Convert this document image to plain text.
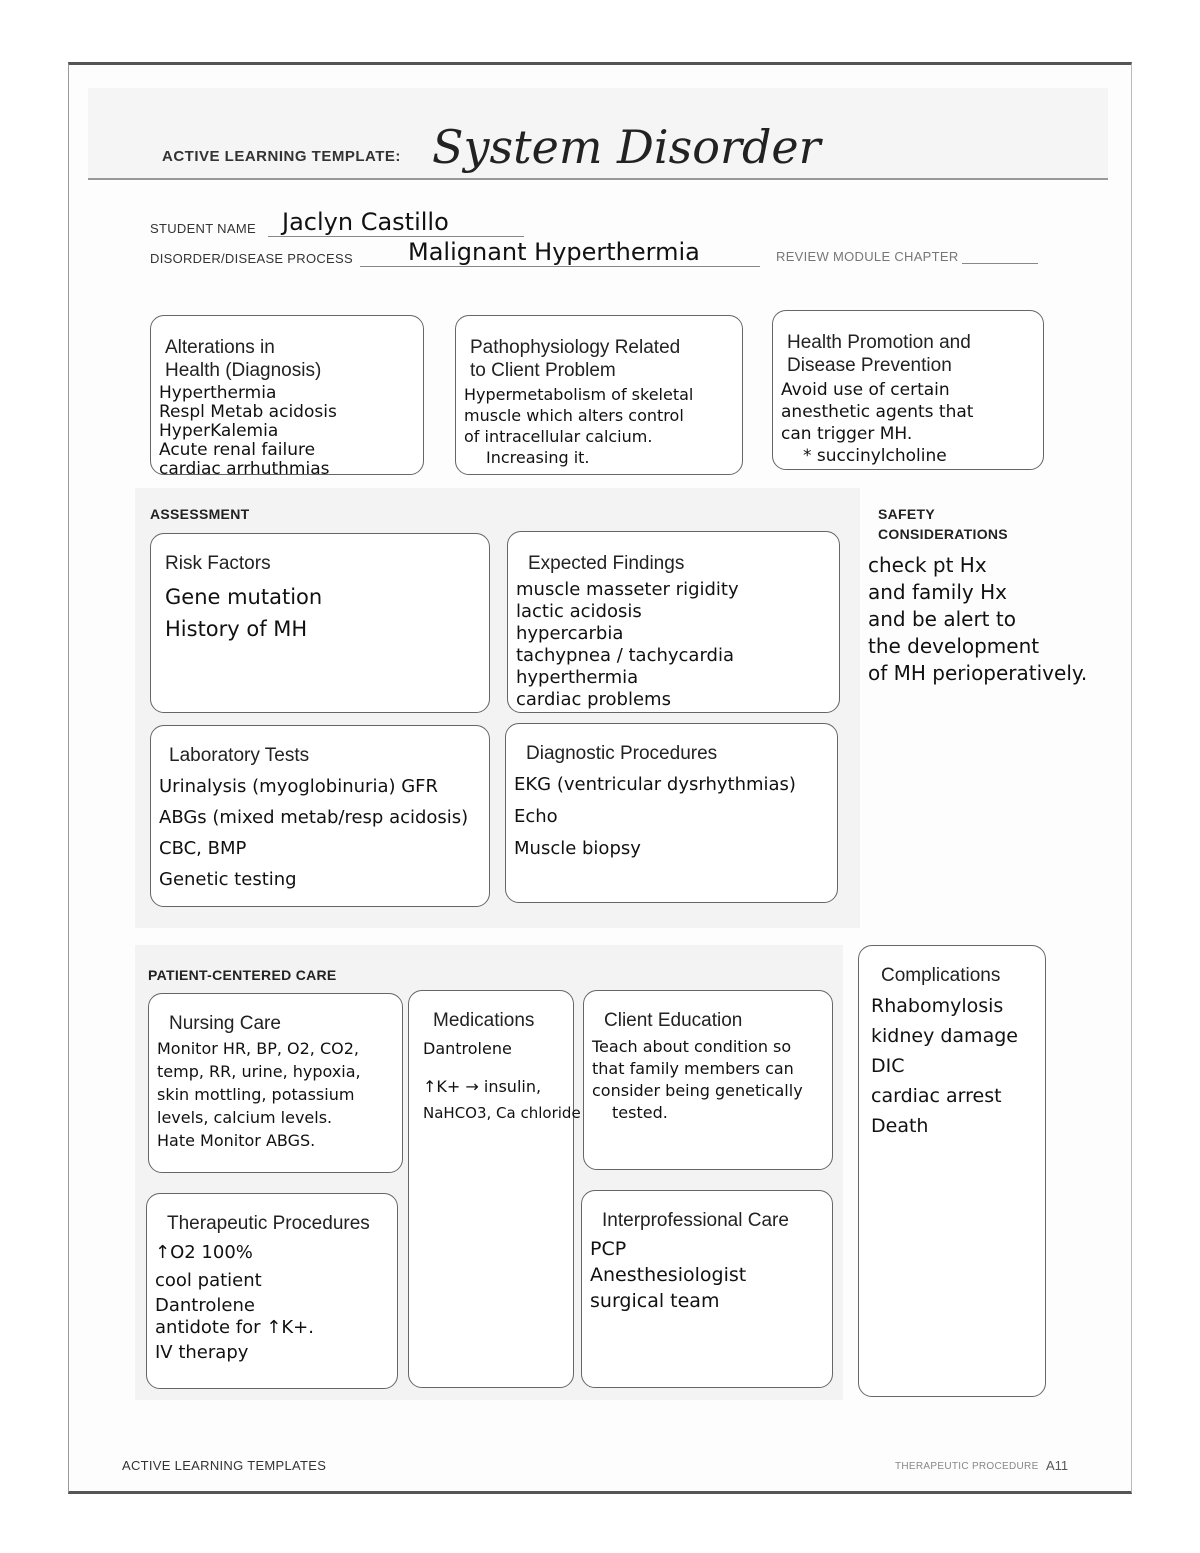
ACTIVE LEARNING TEMPLATE: System Disorder
STUDENT NAME Jaclyn Castillo
DISORDER/DISEASE PROCESS Malignant Hyperthermia	REVIEW MODULE CHAPTER
Alterations in
Health (Diagnosis)
Hyperthermia
Respl Metab acidosis
HyperKalemia
Acute renal failure
cardiac arrhuthmias
Pathophysiology Related
to Client Problem
Hypermetabolism of skeletal
muscle which alters control
of intracellular calcium.
Increasing it.
Health Promotion and
Disease Prevention
Avoid use of certain
anesthetic agents that
can trigger MH.
* succinylcholine
ASSESSMENT
Risk Factors
Gene mutation
History of MH
Expected Findings
muscle masseter rigidity
lactic acidosis
hypercarbia
tachypnea / tachycardia
hyperthermia
cardiac problems
SAFETY
CONSIDERATIONS
check pt Hx
and family Hx
and be alert to
the development
of MH perioperatively.
Laboratory Tests
Urinalysis (myoglobinuria) GFR
ABGs (mixed metab/resp acidosis)
CBC, BMP
Genetic testing
Diagnostic Procedures
EKG (ventricular dysrhythmias)
Echo
Muscle biopsy
PATIENT-CENTERED CARE
Nursing Care
Monitor HR, BP, O2, CO2,
temp, RR, urine, hypoxia,
skin mottling, potassium
levels, calcium levels.
Hate Monitor ABGS.
Medications
Dantrolene
↑K+ → insulin,
NaHCO3, Ca chloride
Client Education
Teach about condition so
that family members can
consider being genetically
tested.
Complications
Rhabomylosis
kidney damage
DIC
cardiac arrest
Death
Therapeutic Procedures
↑O2 100%
cool patient
Dantrolene
antidote for ↑K+.
IV therapy
Interprofessional Care
PCP
Anesthesiologist
surgical team
ACTIVE LEARNING TEMPLATES	THERAPEUTIC PROCEDURE A11
